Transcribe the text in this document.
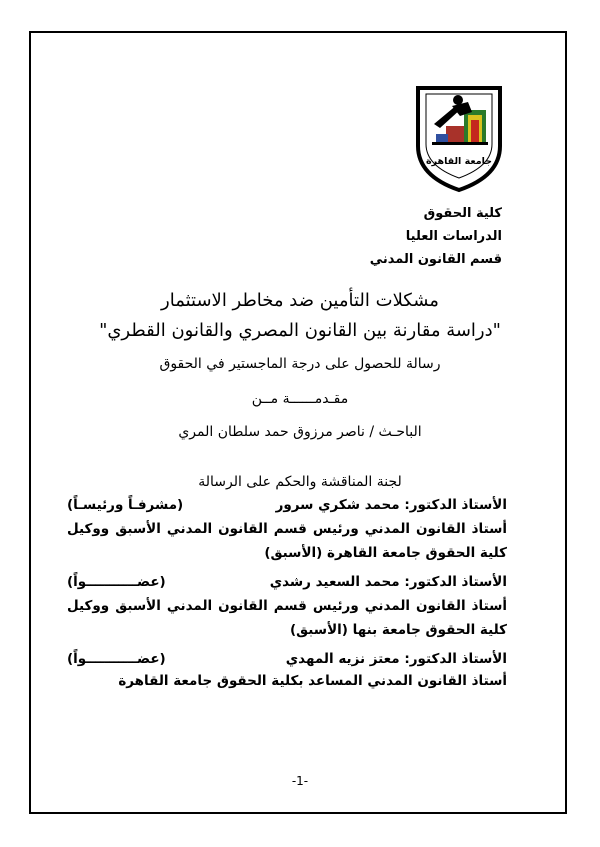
جامعة القاهرة
كلية الحقوق
الدراسات العليا
قسم القانون المدني
مشكلات التأمين ضد مخاطر الاستثمار
"دراسة مقارنة بين القانون المصري والقانون القطري"
رسالة للحصول على درجة الماجستير في الحقوق
مقـدمــــــة مــن
الباحـث / ناصر مرزوق حمد سلطان المري
لجنة المناقشة والحكم على الرسالة
الأستاذ الدكتور: محمد شكري سرور
(مشرفـاً ورئيسـاً)
أستاذ القانون المدني ورئيس قسم القانون المدني الأسبق ووكيل كلية الحقوق جامعة القاهرة (الأسبق)
الأستاذ الدكتور: محمد السعيد رشدي
(عضـــــــــــواً)
أستاذ القانون المدني ورئيس قسم القانون المدني الأسبق ووكيل كلية الحقوق جامعة بنها (الأسبق)
الأستاذ الدكتور: معتز نزيه المهدي
(عضـــــــــــواً)
أستاذ القانون المدني المساعد بكلية الحقوق جامعة القاهرة
-1-
